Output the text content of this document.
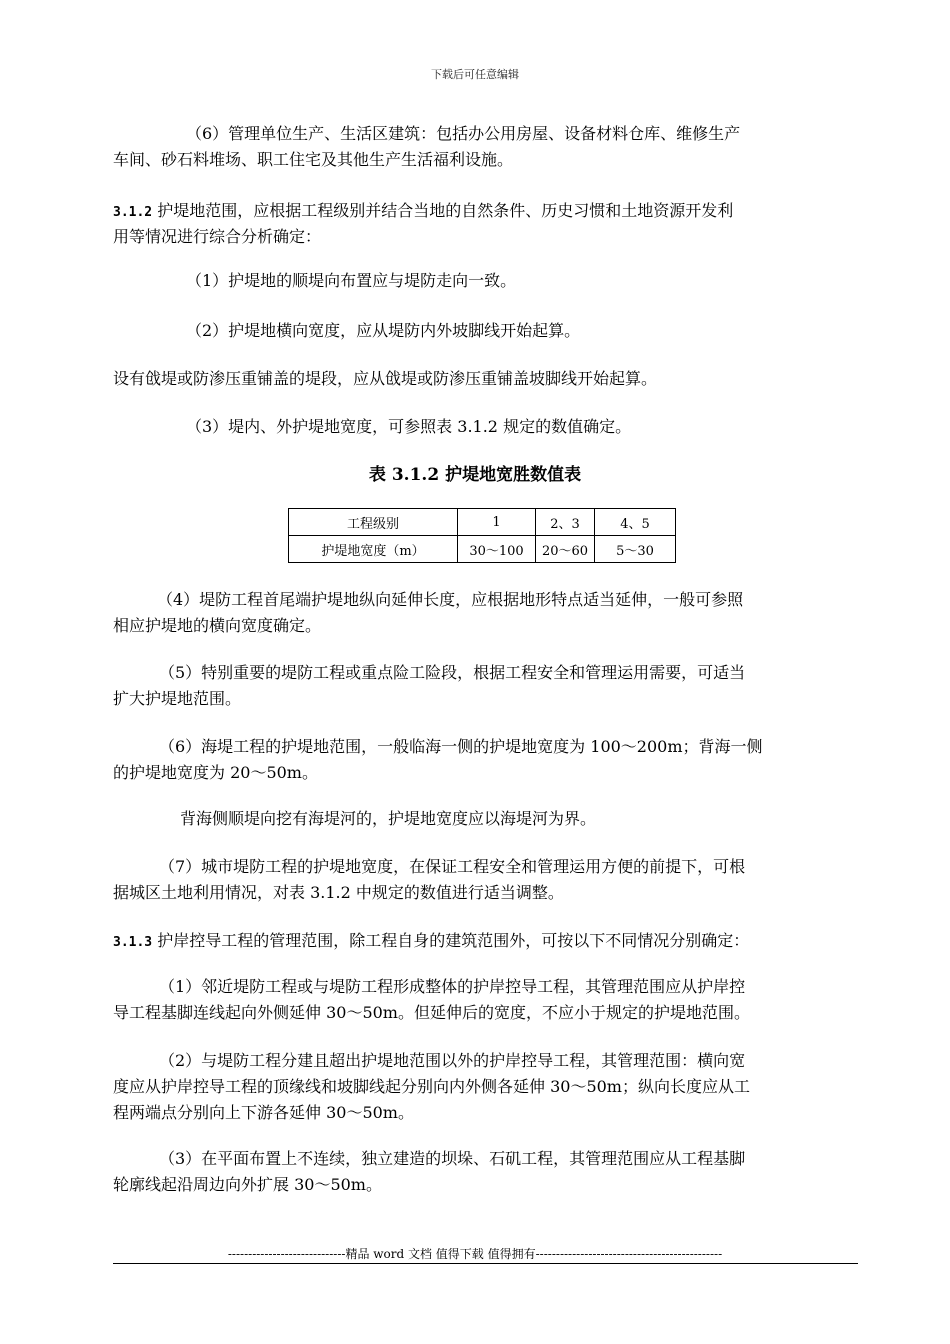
下载后可任意编辑
（6）管理单位生产、生活区建筑：包括办公用房屋、设备材料仓库、维修生产
车间、砂石料堆场、职工住宅及其他生产生活福利设施。
3.1.2 护堤地范围，应根据工程级别并结合当地的自然条件、历史习惯和土地资源开发利
用等情况进行综合分析确定：
（1）护堤地的顺堤向布置应与堤防走向一致。
（2）护堤地横向宽度，应从堤防内外坡脚线开始起算。
设有戗堤或防渗压重铺盖的堤段，应从戗堤或防渗压重铺盖坡脚线开始起算。
（3）堤内、外护堤地宽度，可参照表 3.1.2 规定的数值确定。
表 3.1.2 护堤地宽胜数值表
工程级别	1	2、3	4、5
护堤地宽度（m）	30～100	20～60	5～30
（4）堤防工程首尾端护堤地纵向延伸长度，应根据地形特点适当延伸，一般可参照
相应护堤地的横向宽度确定。
（5）特别重要的堤防工程或重点险工险段，根据工程安全和管理运用需要，可适当
扩大护堤地范围。
（6）海堤工程的护堤地范围，一般临海一侧的护堤地宽度为 100～200m；背海一侧
的护堤地宽度为 20～50m。
背海侧顺堤向挖有海堤河的，护堤地宽度应以海堤河为界。
（7）城市堤防工程的护堤地宽度，在保证工程安全和管理运用方便的前提下，可根
据城区土地利用情况，对表 3.1.2 中规定的数值进行适当调整。
3.1.3 护岸控导工程的管理范围，除工程自身的建筑范围外，可按以下不同情况分别确定：
（1）邻近堤防工程或与堤防工程形成整体的护岸控导工程，其管理范围应从护岸控
导工程基脚连线起向外侧延伸 30～50m。但延伸后的宽度，不应小于规定的护堤地范围。
（2）与堤防工程分建且超出护堤地范围以外的护岸控导工程，其管理范围：横向宽
度应从护岸控导工程的顶缘线和坡脚线起分别向内外侧各延伸 30～50m；纵向长度应从工
程两端点分别向上下游各延伸 30～50m。
（3）在平面布置上不连续，独立建造的坝垛、石矶工程，其管理范围应从工程基脚
轮廓线起沿周边向外扩展 30～50m。
-----------------------------精品 word 文档 值得下载 值得拥有----------------------------------------------
